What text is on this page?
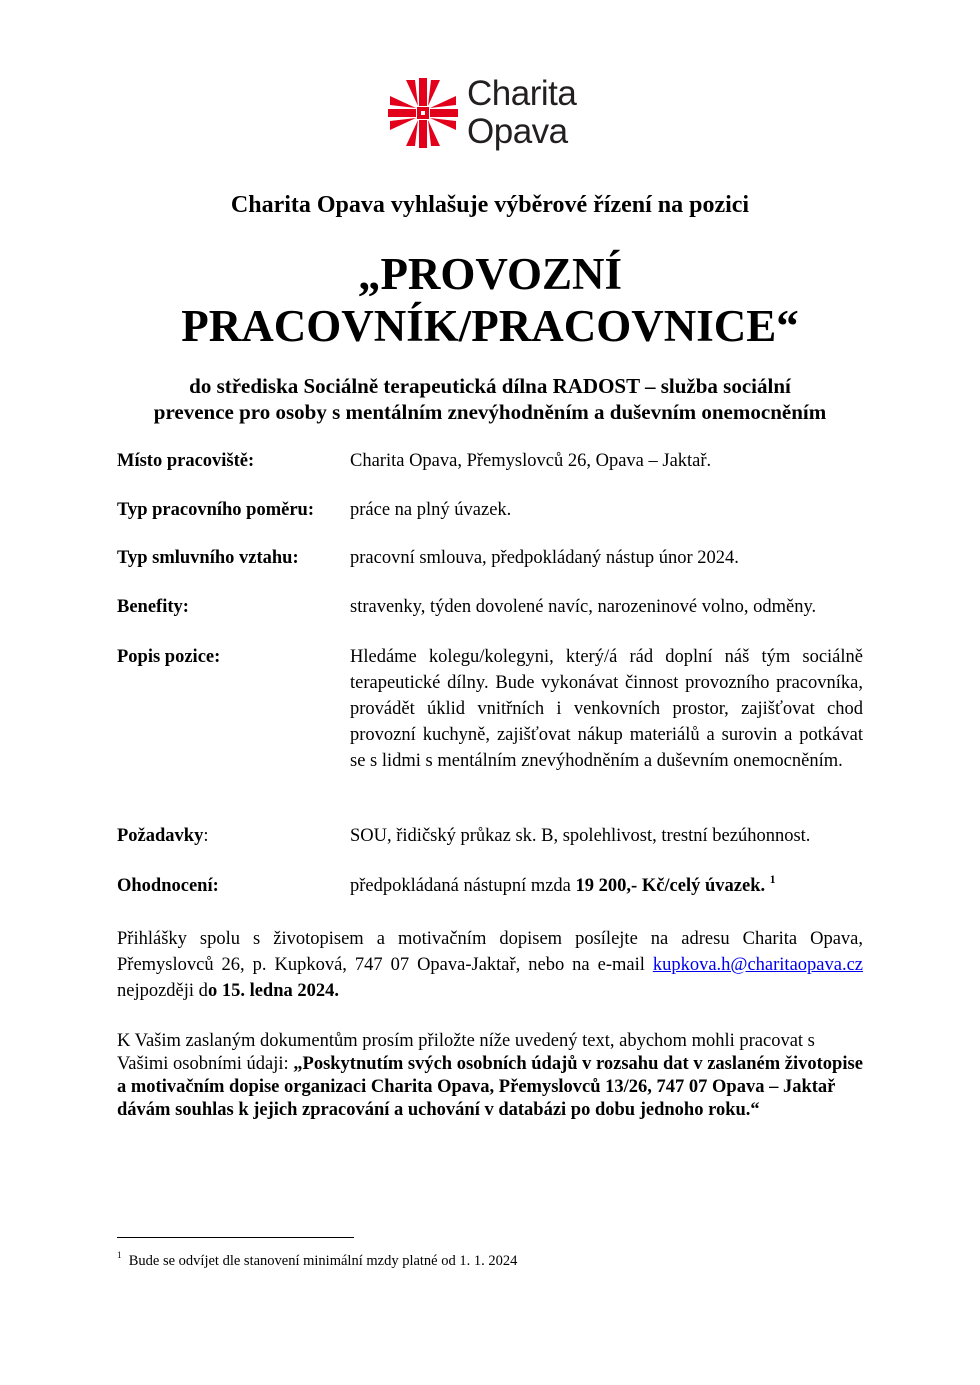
Charita
Opava
Charita Opava vyhlašuje výběrové řízení na pozici
„PROVOZNÍ
PRACOVNÍK/PRACOVNICE“
do střediska Sociálně terapeutická dílna RADOST – služba sociální
prevence pro osoby s mentálním znevýhodněním a duševním onemocněním
Místo pracoviště:	Charita Opava, Přemyslovců 26, Opava – Jaktař.
Typ pracovního poměru: práce na plný úvazek.
Typ smluvního vztahu:	pracovní smlouva, předpokládaný nástup únor 2024.
Benefity:	stravenky, týden dovolené navíc, narozeninové volno, odměny.
Popis pozice:	Hledáme kolegu/kolegyni, který/á rád doplní náš tým sociálně terapeutické dílny. Bude vykonávat činnost provozního pracovníka, provádět úklid vnitřních i venkovních prostor, zajišťovat chod provozní kuchyně, zajišťovat nákup materiálů a surovin a potkávat se s lidmi s mentálním znevýhodněním a duševním onemocněním.
Požadavky:	SOU, řidičský průkaz sk. B, spolehlivost, trestní bezúhonnost.
Ohodnocení:	předpokládaná nástupní mzda 19 200,- Kč/celý úvazek. $^1$
Přihlášky spolu s životopisem a motivačním dopisem posílejte na adresu Charita Opava, Přemyslovců 26, p. Kupková, 747 07 Opava-Jaktař, nebo na e-mail kupkova.h@charitaopava.cz nejpozději do 15. ledna 2024.
K Vašim zaslaným dokumentům prosím přiložte níže uvedený text, abychom mohli pracovat s Vašimi osobními údaji: „Poskytnutím svých osobních údajů v rozsahu dat v zaslaném životopise a motivačním dopise organizaci Charita Opava, Přemyslovců 13/26, 747 07 Opava – Jaktař dávám souhlas k jejich zpracování a uchování v databázi po dobu jednoho roku.“
$^1$ Bude se odvíjet dle stanovení minimální mzdy platné od 1. 1. 2024
